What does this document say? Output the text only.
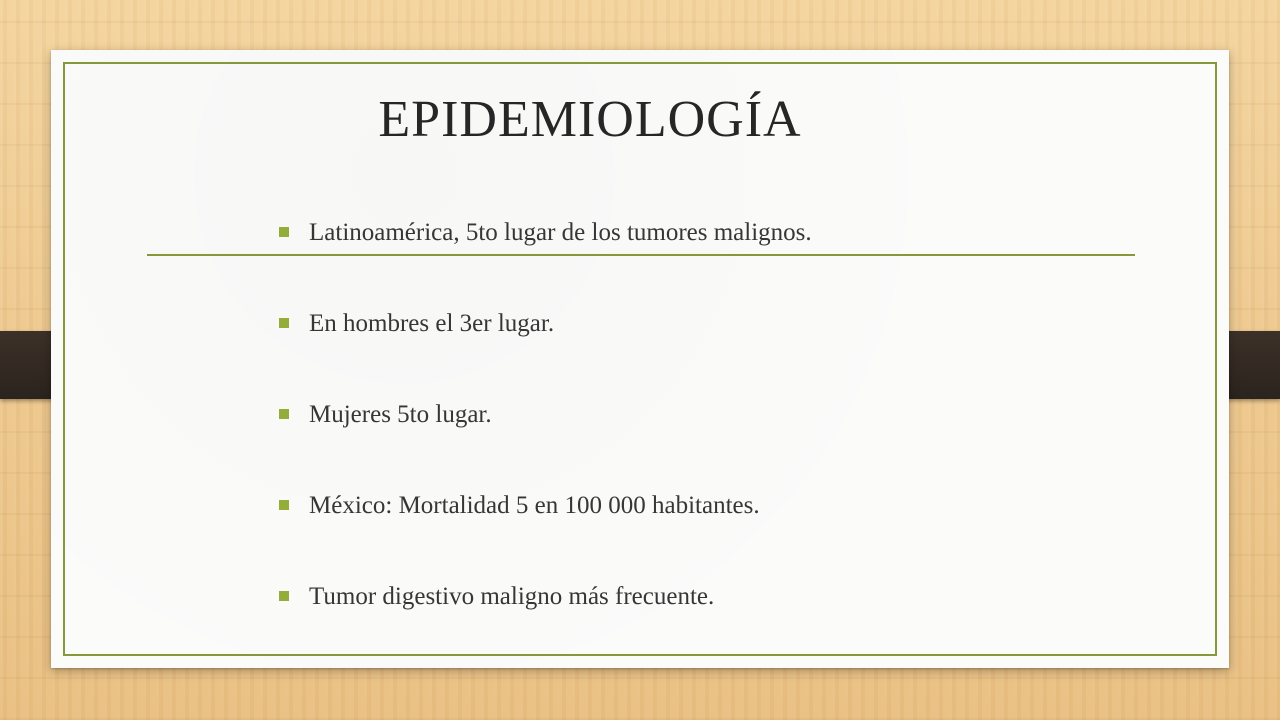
EPIDEMIOLOGÍA
Latinoamérica, 5to lugar de los tumores malignos.
En hombres el 3er lugar.
Mujeres 5to lugar.
México: Mortalidad 5 en 100 000 habitantes.
Tumor digestivo maligno más frecuente.
